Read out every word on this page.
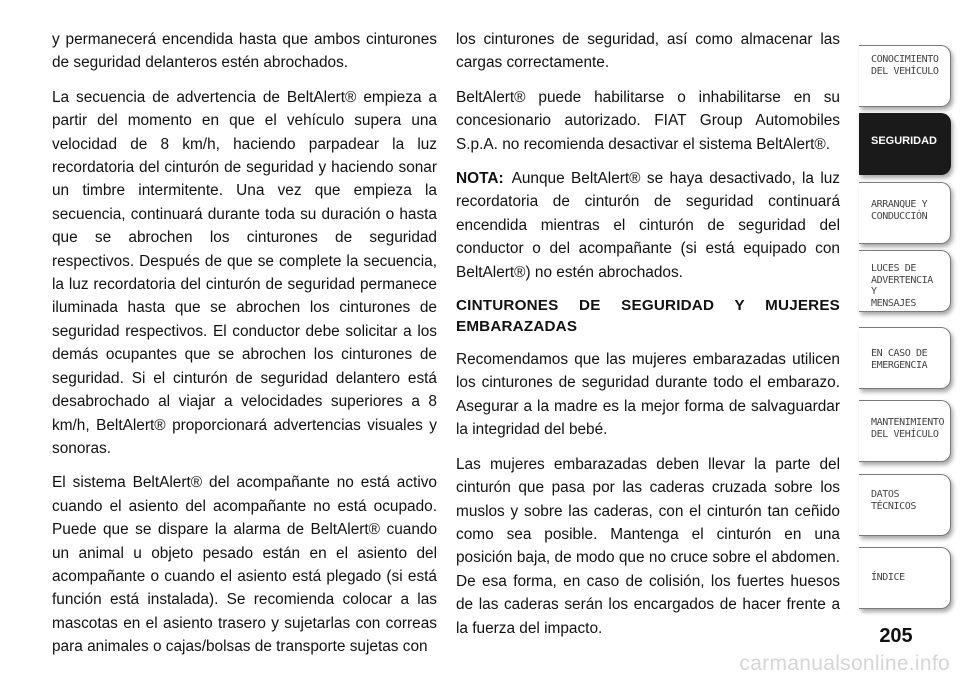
y permanecerá encendida hasta que ambos cinturones de seguridad delanteros estén abrochados.

La secuencia de advertencia de BeltAlert® empieza a partir del momento en que el vehículo supera una velocidad de 8 km/h, haciendo parpadear la luz recordatoria del cinturón de seguridad y haciendo sonar un timbre intermitente. Una vez que empieza la secuencia, continuará durante toda su duración o hasta que se abrochen los cinturones de seguridad respectivos. Después de que se complete la secuencia, la luz recordatoria del cinturón de seguridad permanece iluminada hasta que se abrochen los cinturones de seguridad respectivos. El conductor debe solicitar a los demás ocupantes que se abrochen los cinturones de seguridad. Si el cinturón de seguridad delantero está desabrochado al viajar a velocidades superiores a 8 km/h, BeltAlert® proporcionará advertencias visuales y sonoras.

El sistema BeltAlert® del acompañante no está activo cuando el asiento del acompañante no está ocupado. Puede que se dispare la alarma de BeltAlert® cuando un animal u objeto pesado están en el asiento del acompañante o cuando el asiento está plegado (si está función está instalada). Se recomienda colocar a las mascotas en el asiento trasero y sujetarlas con correas para animales o cajas/bolsas de transporte sujetas con

los cinturones de seguridad, así como almacenar las cargas correctamente.

BeltAlert® puede habilitarse o inhabilitarse en su concesionario autorizado. FIAT Group Automobiles S.p.A. no recomienda desactivar el sistema BeltAlert®.

NOTA: Aunque BeltAlert® se haya desactivado, la luz recordatoria de cinturón de seguridad continuará encendida mientras el cinturón de seguridad del conductor o del acompañante (si está equipado con BeltAlert®) no estén abrochados.

CINTURONES DE SEGURIDAD Y MUJERES EMBARAZADAS

Recomendamos que las mujeres embarazadas utilicen los cinturones de seguridad durante todo el embarazo. Asegurar a la madre es la mejor forma de salvaguardar la integridad del bebé.

Las mujeres embarazadas deben llevar la parte del cinturón que pasa por las caderas cruzada sobre los muslos y sobre las caderas, con el cinturón tan ceñido como sea posible. Mantenga el cinturón en una posición baja, de modo que no cruce sobre el abdomen. De esa forma, en caso de colisión, los fuertes huesos de las caderas serán los encargados de hacer frente a la fuerza del impacto.

CONOCIMIENTO
DEL VEHÍCULO
SEGURIDAD
ARRANQUE Y
CONDUCCIÓN
LUCES DE
ADVERTENCIA Y
MENSAJES
EN CASO DE
EMERGENCIA
MANTENIMIENTO
DEL VEHÍCULO
DATOS
TÉCNICOS
ÍNDICE
205
carmanualsonline.info
